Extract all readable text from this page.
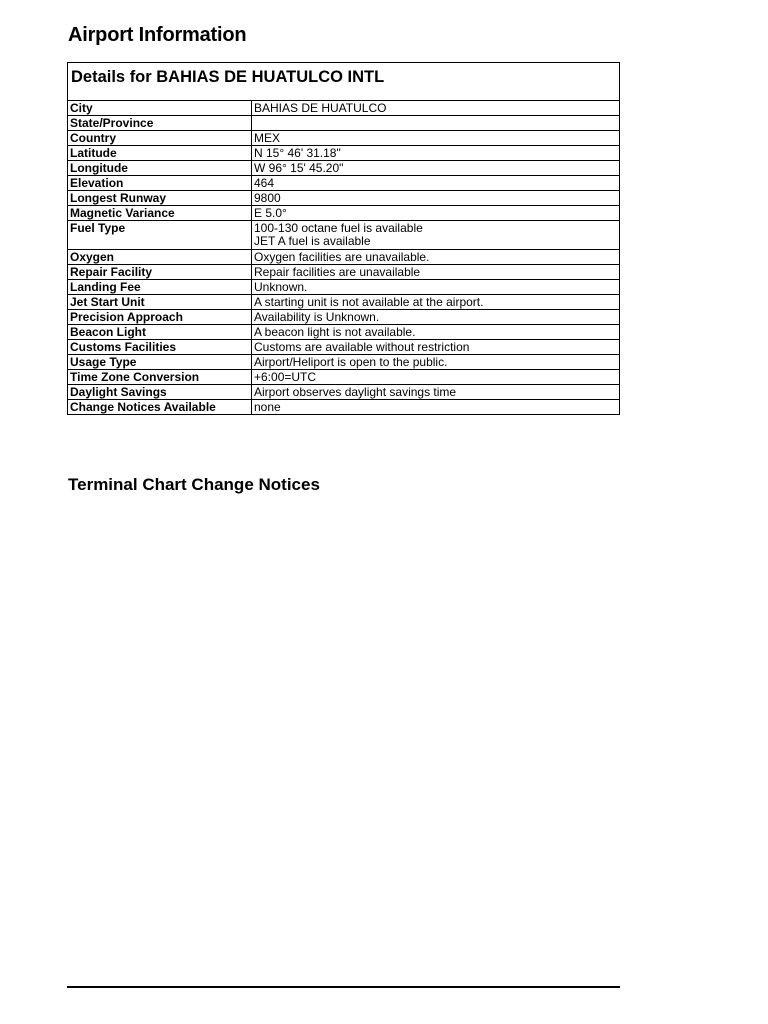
Airport Information
Details for BAHIAS DE HUATULCO INTL
City	BAHIAS DE HUATULCO
State/Province	
Country	MEX
Latitude	N 15° 46' 31.18"
Longitude	W 96° 15' 45.20"
Elevation	464
Longest Runway	9800
Magnetic Variance	E 5.0°
Fuel Type	100-130 octane fuel is available
JET A fuel is available

Oxygen	Oxygen facilities are unavailable.
Repair Facility	Repair facilities are unavailable
Landing Fee	Unknown.
Jet Start Unit	A starting unit is not available at the airport.
Precision Approach	Availability is Unknown.
Beacon Light	A beacon light is not available.
Customs Facilities	Customs are available without restriction
Usage Type	Airport/Heliport is open to the public.
Time Zone Conversion	+6:00=UTC
Daylight Savings	Airport observes daylight savings time
Change Notices Available	none
Terminal Chart Change Notices
